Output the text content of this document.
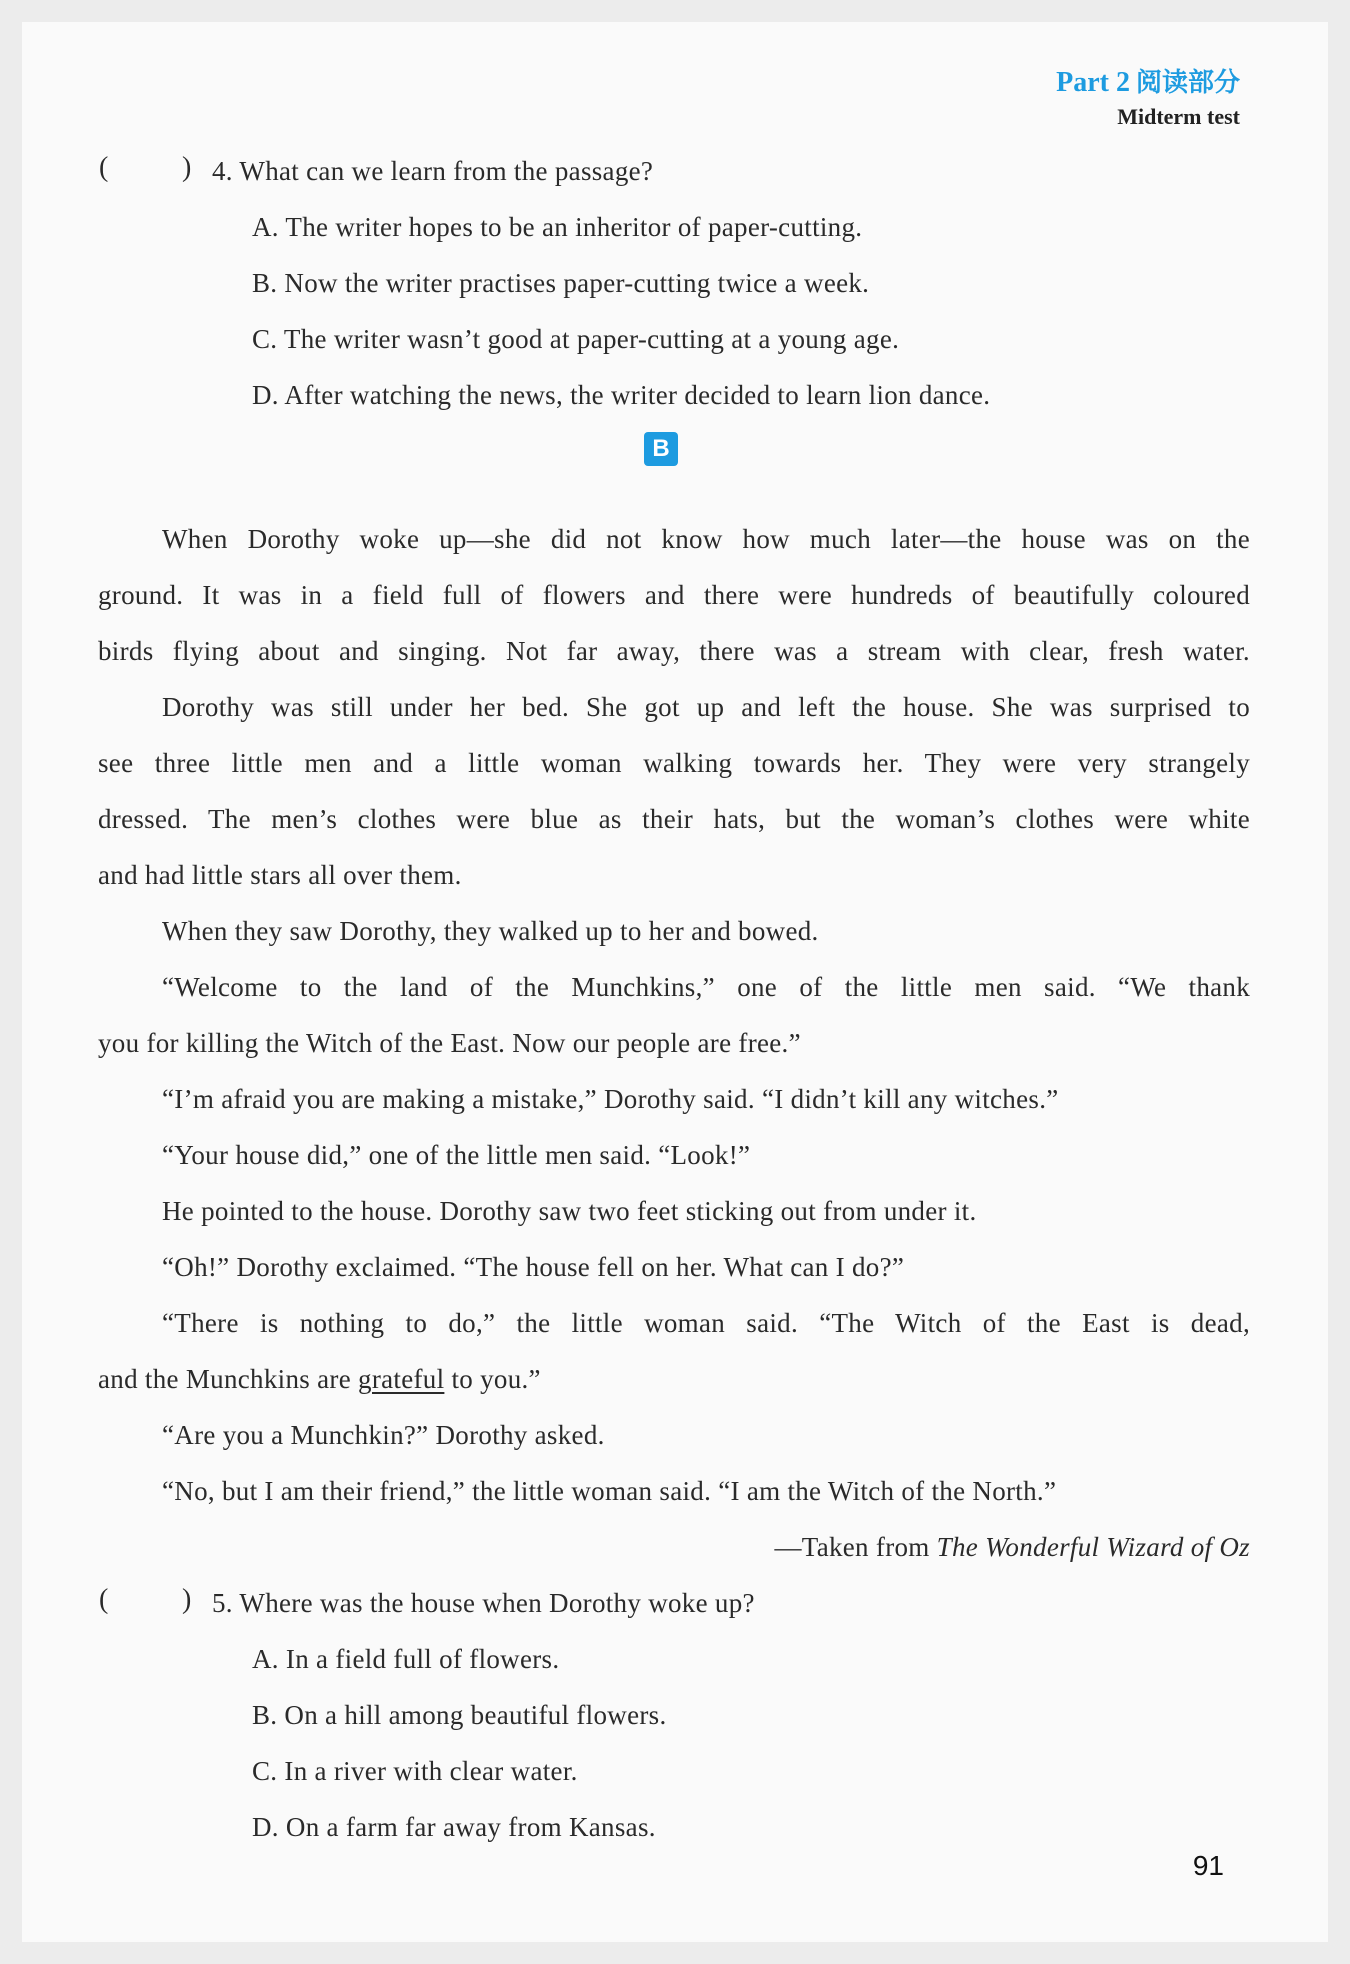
Part 2 阅读部分
Midterm test
(	) 4. What can we learn from the passage?
A. The writer hopes to be an inheritor of paper-cutting.
B. Now the writer practises paper-cutting twice a week.
C. The writer wasn’t good at paper-cutting at a young age.
D. After watching the news, the writer decided to learn lion dance.
B
When Dorothy woke up—she did not know how much later—the house was on the
ground. It was in a field full of flowers and there were hundreds of beautifully coloured
birds flying about and singing. Not far away, there was a stream with clear, fresh water.
Dorothy was still under her bed. She got up and left the house. She was surprised to
see three little men and a little woman walking towards her. They were very strangely
dressed. The men’s clothes were blue as their hats, but the woman’s clothes were white
and had little stars all over them.
When they saw Dorothy, they walked up to her and bowed.
“Welcome to the land of the Munchkins,” one of the little men said. “We thank
you for killing the Witch of the East. Now our people are free.”
“I’m afraid you are making a mistake,” Dorothy said. “I didn’t kill any witches.”
“Your house did,” one of the little men said. “Look!”
He pointed to the house. Dorothy saw two feet sticking out from under it.
“Oh!” Dorothy exclaimed. “The house fell on her. What can I do?”
“There is nothing to do,” the little woman said. “The Witch of the East is dead,
and the Munchkins are grateful to you.”
“Are you a Munchkin?” Dorothy asked.
“No, but I am their friend,” the little woman said. “I am the Witch of the North.”
—Taken from The Wonderful Wizard of Oz
(	) 5. Where was the house when Dorothy woke up?
A. In a field full of flowers.
B. On a hill among beautiful flowers.
C. In a river with clear water.
D. On a farm far away from Kansas.
91
